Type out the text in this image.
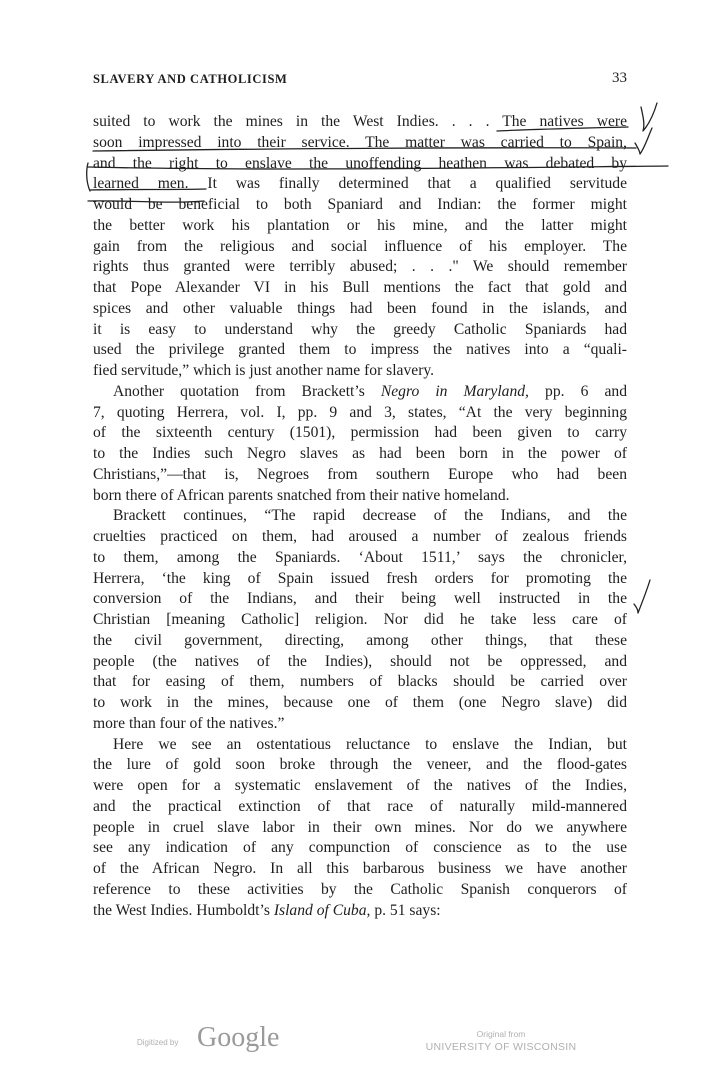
SLAVERY AND CATHOLICISM	33
suited to work the mines in the West Indies. . . . The natives were
soon impressed into their service. The matter was carried to Spain,
and the right to enslave the unoffending heathen was debated by
learned men. It was finally determined that a qualified servitude
would be beneficial to both Spaniard and Indian: the former might
the better work his plantation or his mine, and the latter might
gain from the religious and social influence of his employer. The
rights thus granted were terribly abused; . . ." We should remember
that Pope Alexander VI in his Bull mentions the fact that gold and
spices and other valuable things had been found in the islands, and
it is easy to understand why the greedy Catholic Spaniards had
used the privilege granted them to impress the natives into a “quali-
fied servitude,” which is just another name for slavery.
Another quotation from Brackett’s Negro in Maryland, pp. 6 and
7, quoting Herrera, vol. I, pp. 9 and 3, states, “At the very beginning
of the sixteenth century (1501), permission had been given to carry
to the Indies such Negro slaves as had been born in the power of
Christians,”—that is, Negroes from southern Europe who had been
born there of African parents snatched from their native homeland.
Brackett continues, “The rapid decrease of the Indians, and the
cruelties practiced on them, had aroused a number of zealous friends
to them, among the Spaniards. ‘About 1511,’ says the chronicler,
Herrera, ‘the king of Spain issued fresh orders for promoting the
conversion of the Indians, and their being well instructed in the
Christian [meaning Catholic] religion. Nor did he take less care of
the civil government, directing, among other things, that these
people (the natives of the Indies), should not be oppressed, and
that for easing of them, numbers of blacks should be carried over
to work in the mines, because one of them (one Negro slave) did
more than four of the natives.”
Here we see an ostentatious reluctance to enslave the Indian, but
the lure of gold soon broke through the veneer, and the flood-gates
were open for a systematic enslavement of the natives of the Indies,
and the practical extinction of that race of naturally mild-mannered
people in cruel slave labor in their own mines. Nor do we anywhere
see any indication of any compunction of conscience as to the use
of the African Negro. In all this barbarous business we have another
reference to these activities by the Catholic Spanish conquerors of
the West Indies. Humboldt’s Island of Cuba, p. 51 says:
Digitized by Google	Original from
UNIVERSITY OF WISCONSIN
